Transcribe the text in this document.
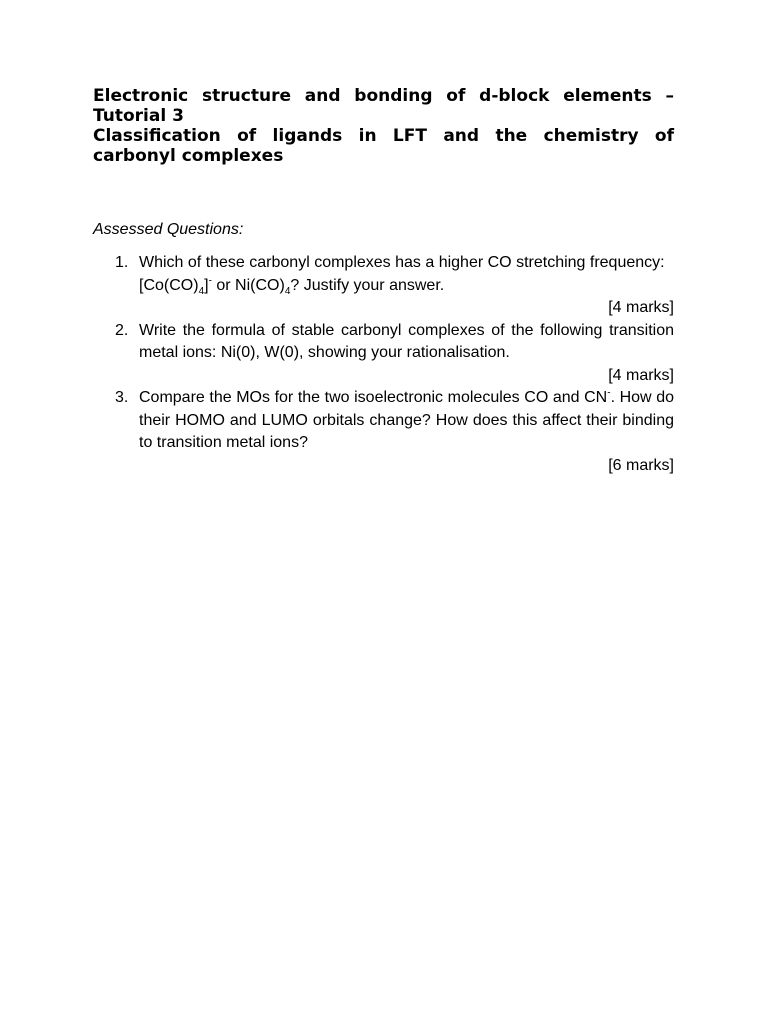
Electronic structure and bonding of d-block elements – Tutorial 3
Classification of ligands in LFT and the chemistry of carbonyl complexes
Assessed Questions:
1. Which of these carbonyl complexes has a higher CO stretching frequency:
$[Co(CO)_4]^-$ or $Ni(CO)_4$? Justify your answer.
[4 marks]
2. Write the formula of stable carbonyl complexes of the following transition metal ions: Ni(0), W(0), showing your rationalisation.
[4 marks]
3. Compare the MOs for the two isoelectronic molecules CO and CN-. How do their HOMO and LUMO orbitals change? How does this affect their binding to transition metal ions?
[6 marks]
